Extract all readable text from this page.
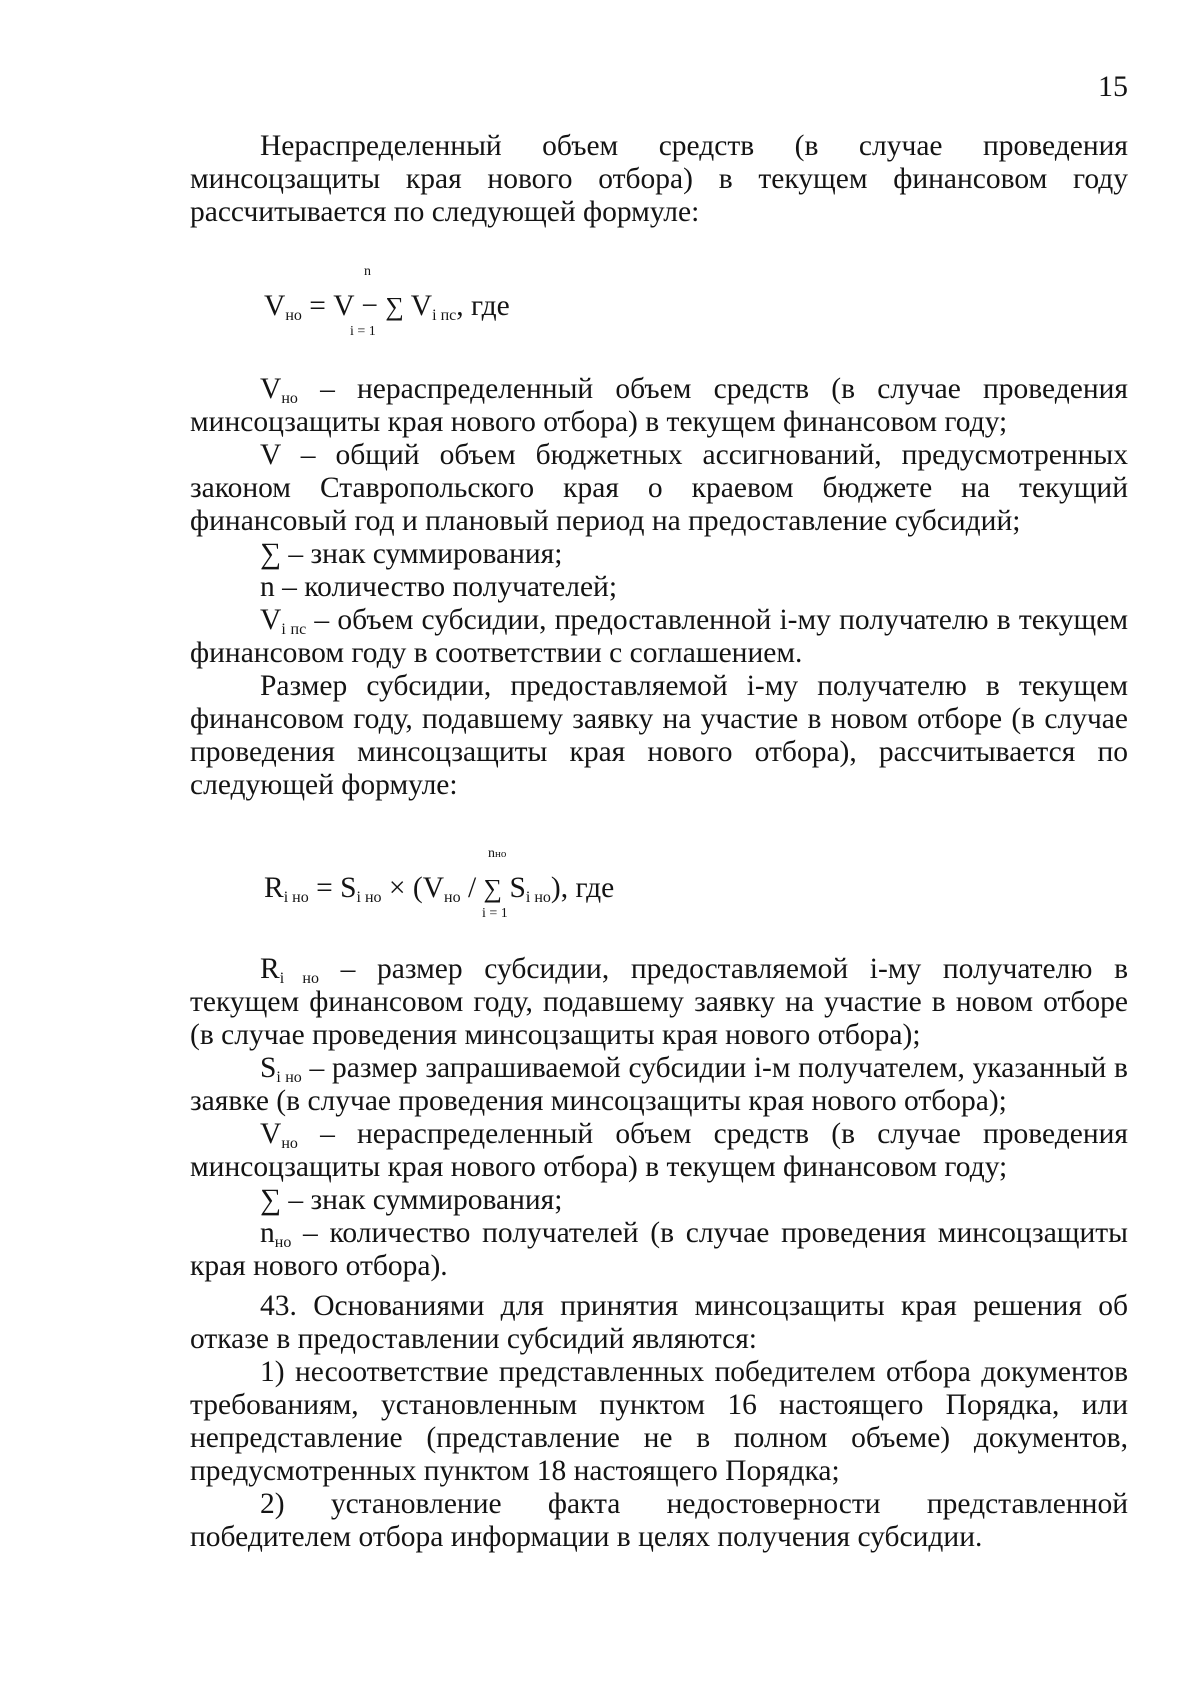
15

Нераспределенный объем средств (в случае проведения минсоцзащиты края нового отбора) в текущем финансовом году рассчитывается по следующей формуле:

$V_{но} = V$ − ∑ $V_{i пс}$, где
n
i = 1

$V_{но}$ – нераспределенный объем средств (в случае проведения минсоцзащиты края нового отбора) в текущем финансовом году;

V – общий объем бюджетных ассигнований, предусмотренных законом Ставропольского края о краевом бюджете на текущий финансовый год и плановый период на предоставление субсидий;

∑ – знак суммирования;

n – количество получателей;

$V_{i пс}$ – объем субсидии, предоставленной i-му получателю в текущем финансовом году в соответствии с соглашением.

Размер субсидии, предоставляемой i-му получателю в текущем финансовом году, подавшему заявку на участие в новом отборе (в случае проведения минсоцзащиты края нового отбора), рассчитывается по следующей формуле:

$R_{i но} = S_{i но} \times (V_{но}$ / ∑ $S_{i но}$), где
nно
i = 1

$R_{i но}$ – размер субсидии, предоставляемой i-му получателю в текущем финансовом году, подавшему заявку на участие в новом отборе (в случае проведения минсоцзащиты края нового отбора);

$S_{i но}$ – размер запрашиваемой субсидии i-м получателем, указанный в заявке (в случае проведения минсоцзащиты края нового отбора);

$V_{но}$ – нераспределенный объем средств (в случае проведения минсоцзащиты края нового отбора) в текущем финансовом году;

∑ – знак суммирования;

$n_{но}$ – количество получателей (в случае проведения минсоцзащиты края нового отбора).

43. Основаниями для принятия минсоцзащиты края решения об отказе в предоставлении субсидий являются:

1) несоответствие представленных победителем отбора документов требованиям, установленным пунктом 16 настоящего Порядка, или непредставление (представление не в полном объеме) документов, предусмотренных пунктом 18 настоящего Порядка;

2) установление факта недостоверности представленной победителем отбора информации в целях получения субсидии.
